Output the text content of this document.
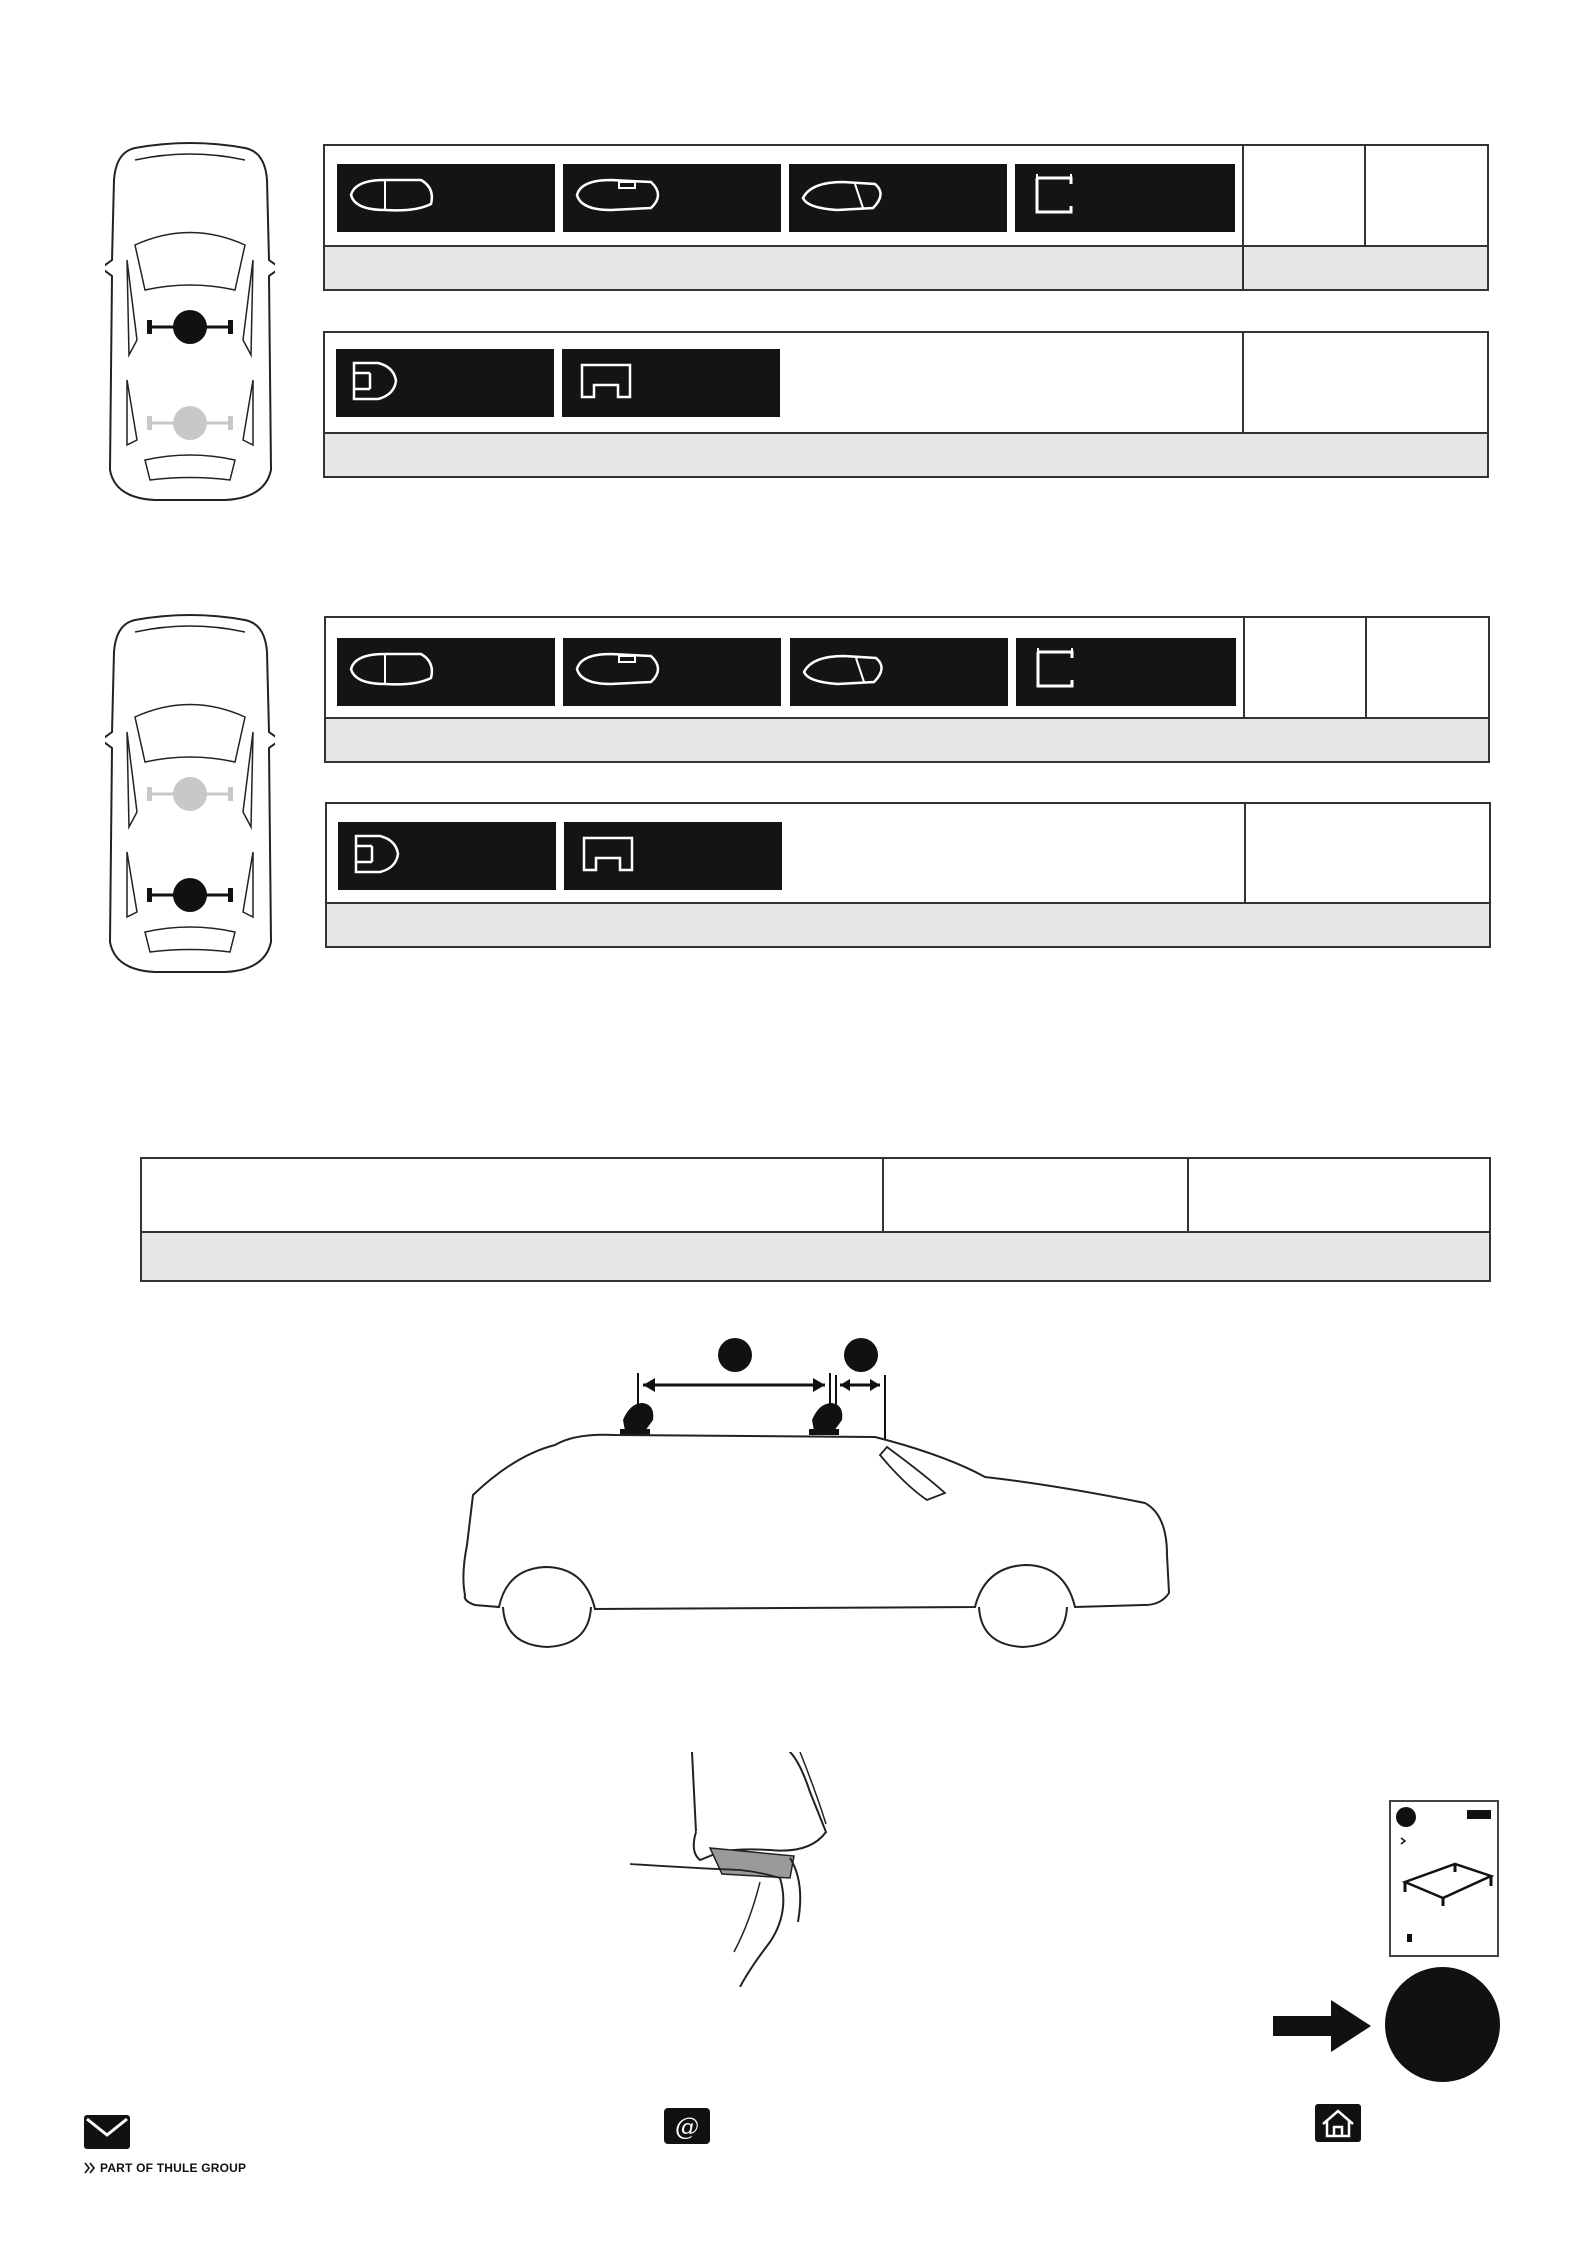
PART OF THULE GROUP
@
